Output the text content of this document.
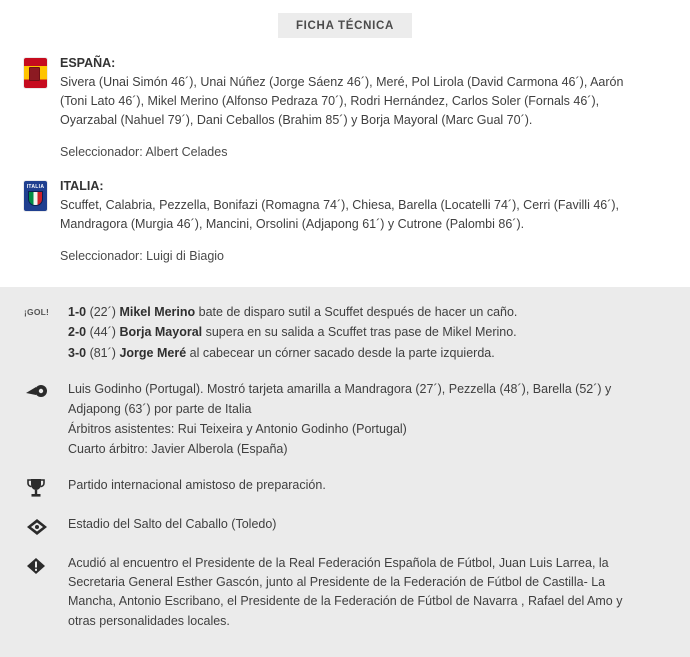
FICHA TÉCNICA
ESPAÑA:
Sivera (Unai Simón 46´), Unai Núñez (Jorge Sáenz 46´), Meré, Pol Lirola (David Carmona 46´), Aarón (Toni Lato 46´), Mikel Merino (Alfonso Pedraza 70´), Rodri Hernández, Carlos Soler (Fornals 46´), Oyarzabal (Nahuel 79´), Dani Ceballos (Brahim 85´) y Borja Mayoral (Marc Gual 70´).
Seleccionador: Albert Celades
ITALIA ITALIA:
Scuffet, Calabria, Pezzella, Bonifazi (Romagna 74´), Chiesa, Barella (Locatelli 74´), Cerri (Favilli 46´), Mandragora (Murgia 46´), Mancini, Orsolini (Adjapong 61´) y Cutrone (Palombi 86´).
Seleccionador: Luigi di Biagio
¡GOL! 1-0 (22´) Mikel Merino bate de disparo sutil a Scuffet después de hacer un caño.
2-0 (44´) Borja Mayoral supera en su salida a Scuffet tras pase de Mikel Merino.
3-0 (81´) Jorge Meré al cabecear un córner sacado desde la parte izquierda.
Luis Godinho (Portugal). Mostró tarjeta amarilla a Mandragora (27´), Pezzella (48´), Barella (52´) y Adjapong (63´) por parte de Italia
Árbitros asistentes: Rui Teixeira y Antonio Godinho (Portugal)
Cuarto árbitro: Javier Alberola (España)
Partido internacional amistoso de preparación.
Estadio del Salto del Caballo (Toledo)
Acudió al encuentro el Presidente de la Real Federación Española de Fútbol, Juan Luis Larrea, la Secretaria General Esther Gascón, junto al Presidente de la Federación de Fútbol de Castilla- La Mancha, Antonio Escribano, el Presidente de la Federación de Fútbol de Navarra , Rafael del Amo y otras personalidades locales.
